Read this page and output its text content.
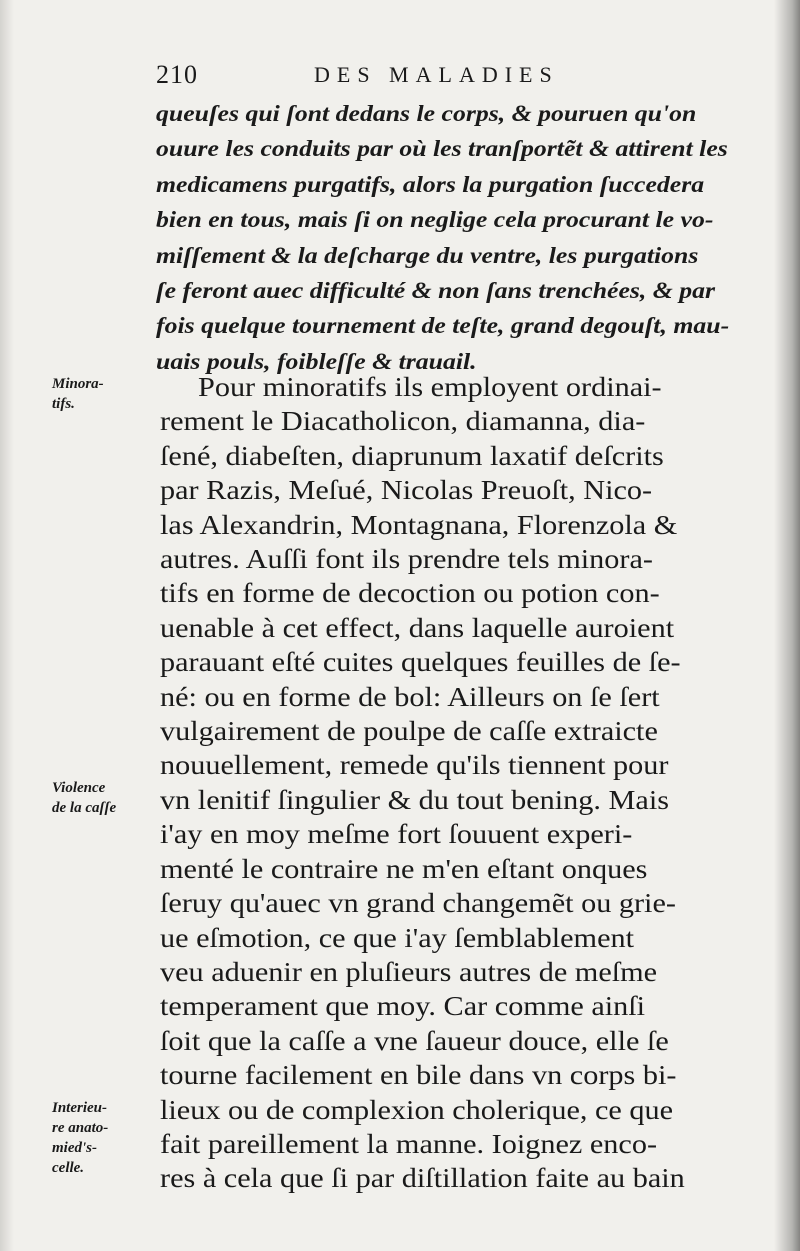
210	DES MALADIES
queuſes qui ſont dedans le corps, & pouruen qu'on
ouure les conduits par où les tranſportẽt & attirent les
medicamens purgatifs, alors la purgation ſuccedera
bien en tous, mais ſi on neglige cela procurant le vo-
miſſement & la deſcharge du ventre, les purgations
ſe feront auec difficulté & non ſans trenchées, & par
fois quelque tournement de teſte, grand degouſt, mau-
uais pouls, foibleſſe & trauail.
Pour minoratifs ils employent ordinai-
rement le Diacatholicon, diamanna, dia-
ſené, diabeſten, diaprunum laxatif deſcrits
par Razis, Meſué, Nicolas Preuoſt, Nico-
las Alexandrin, Montagnana, Florenzola &
autres. Auſſi font ils prendre tels minora-
tifs en forme de decoction ou potion con-
uenable à cet effect, dans laquelle auroient
parauant eſté cuites quelques feuilles de ſe-
né: ou en forme de bol: Ailleurs on ſe ſert
vulgairement de poulpe de caſſe extraicte
nouuellement, remede qu'ils tiennent pour
vn lenitif ſingulier & du tout bening. Mais
i'ay en moy meſme fort ſouuent experi-
menté le contraire ne m'en eſtant onques
ſeruy qu'auec vn grand changemẽt ou grie-
ue eſmotion, ce que i'ay ſemblablement
veu aduenir en pluſieurs autres de meſme
temperament que moy. Car comme ainſi
ſoit que la caſſe a vne ſaueur douce, elle ſe
tourne facilement en bile dans vn corps bi-
lieux ou de complexion cholerique, ce que
fait pareillement la manne. Ioignez enco-
res à cela que ſi par diſtillation faite au bain
Minora-
tifs.
Violence
de la caſſe
Interieu-
re anato-
mied's-
celle.
